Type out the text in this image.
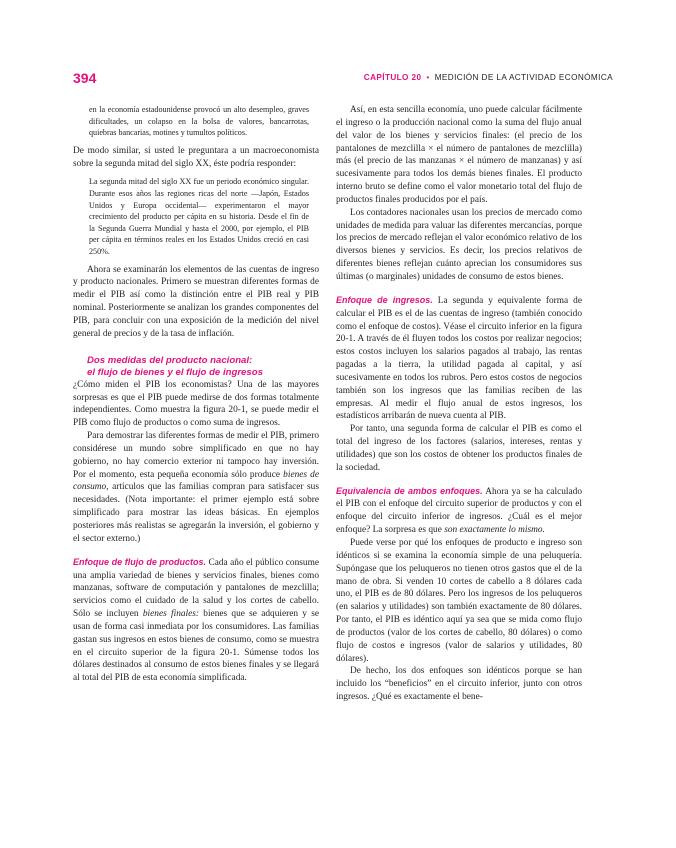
394	CAPÍTULO 20 • MEDICIÓN DE LA ACTIVIDAD ECONÓMICA

en la economía estadounidense provocó un alto desempleo, graves dificultades, un colapso en la bolsa de valores, bancarrotas, quiebras bancarias, motines y tumultos políticos.

De modo similar, si usted le preguntara a un macroeconomista sobre la segunda mitad del siglo XX, éste podría responder:

La segunda mitad del siglo XX fue un periodo económico singular. Durante esos años las regiones ricas del norte —Japón, Estados Unidos y Europa occidental— experimentaron el mayor crecimiento del producto per cápita en su historia. Desde el fin de la Segunda Guerra Mundial y hasta el 2000, por ejemplo, el PIB per cápita en términos reales en los Estados Unidos creció en casi 250%.

Ahora se examinarán los elementos de las cuentas de ingreso y producto nacionales. Primero se muestran diferentes formas de medir el PIB así como la distinción entre el PIB real y PIB nominal. Posteriormente se analizan los grandes componentes del PIB, para concluir con una exposición de la medición del nivel general de precios y de la tasa de inflación.

Dos medidas del producto nacional:
el flujo de bienes y el flujo de ingresos

¿Cómo miden el PIB los economistas? Una de las mayores sorpresas es que el PIB puede medirse de dos formas totalmente independientes. Como muestra la figura 20-1, se puede medir el PIB como flujo de productos o como suma de ingresos.

Para demostrar las diferentes formas de medir el PIB, primero considérese un mundo sobre simplificado en que no hay gobierno, no hay comercio exterior ni tampoco hay inversión. Por el momento, esta pequeña economía sólo produce bienes de consumo, artículos que las familias compran para satisfacer sus necesidades. (Nota importante: el primer ejemplo está sobre simplificado para mostrar las ideas básicas. En ejemplos posteriores más realistas se agregarán la inversión, el gobierno y el sector externo.)

Enfoque de flujo de productos. Cada año el público consume una amplia variedad de bienes y servicios finales, bienes como manzanas, software de computación y pantalones de mezclilla; servicios como el cuidado de la salud y los cortes de cabello. Sólo se incluyen bienes finales: bienes que se adquieren y se usan de forma casi inmediata por los consumidores. Las familias gastan sus ingresos en estos bienes de consumo, como se muestra en el circuito superior de la figura 20-1. Súmense todos los dólares destinados al consumo de estos bienes finales y se llegará al total del PIB de esta economía simplificada.

Así, en esta sencilla economía, uno puede calcular fácilmente el ingreso o la producción nacional como la suma del flujo anual del valor de los bienes y servicios finales: (el precio de los pantalones de mezclilla × el número de pantalones de mezclilla) más (el precio de las manzanas × el número de manzanas) y así sucesivamente para todos los demás bienes finales. El producto interno bruto se define como el valor monetario total del flujo de productos finales producidos por el país.

Los contadores nacionales usan los precios de mercado como unidades de medida para valuar las diferentes mercancías, porque los precios de mercado reflejan el valor económico relativo de los diversos bienes y servicios. Es decir, los precios relativos de diferentes bienes reflejan cuánto aprecian los consumidores sus últimas (o marginales) unidades de consumo de estos bienes.

Enfoque de ingresos. La segunda y equivalente forma de calcular el PIB es el de las cuentas de ingreso (también conocido como el enfoque de costos). Véase el circuito inferior en la figura 20-1. A través de él fluyen todos los costos por realizar negocios; estos costos incluyen los salarios pagados al trabajo, las rentas pagadas a la tierra, la utilidad pagada al capital, y así sucesivamente en todos los rubros. Pero estos costos de negocios también son los ingresos que las familias reciben de las empresas. Al medir el flujo anual de estos ingresos, los estadísticos arribarán de nueva cuenta al PIB.

Por tanto, una segunda forma de calcular el PIB es como el total del ingreso de los factores (salarios, intereses, rentas y utilidades) que son los costos de obtener los productos finales de la sociedad.

Equivalencia de ambos enfoques. Ahora ya se ha calculado el PIB con el enfoque del circuito superior de productos y con el enfoque del circuito inferior de ingresos. ¿Cuál es el mejor enfoque? La sorpresa es que son exactamente lo mismo.

Puede verse por qué los enfoques de producto e ingreso son idénticos si se examina la economía simple de una peluquería. Supóngase que los peluqueros no tienen otros gastos que el de la mano de obra. Si venden 10 cortes de cabello a 8 dólares cada uno, el PIB es de 80 dólares. Pero los ingresos de los peluqueros (en salarios y utilidades) son también exactamente de 80 dólares. Por tanto, el PIB es idéntico aquí ya sea que se mida como flujo de productos (valor de los cortes de cabello, 80 dólares) o como flujo de costos e ingresos (valor de salarios y utilidades, 80 dólares).

De hecho, los dos enfoques son idénticos porque se han incluido los “beneficios” en el circuito inferior, junto con otros ingresos. ¿Qué es exactamente el bene-
